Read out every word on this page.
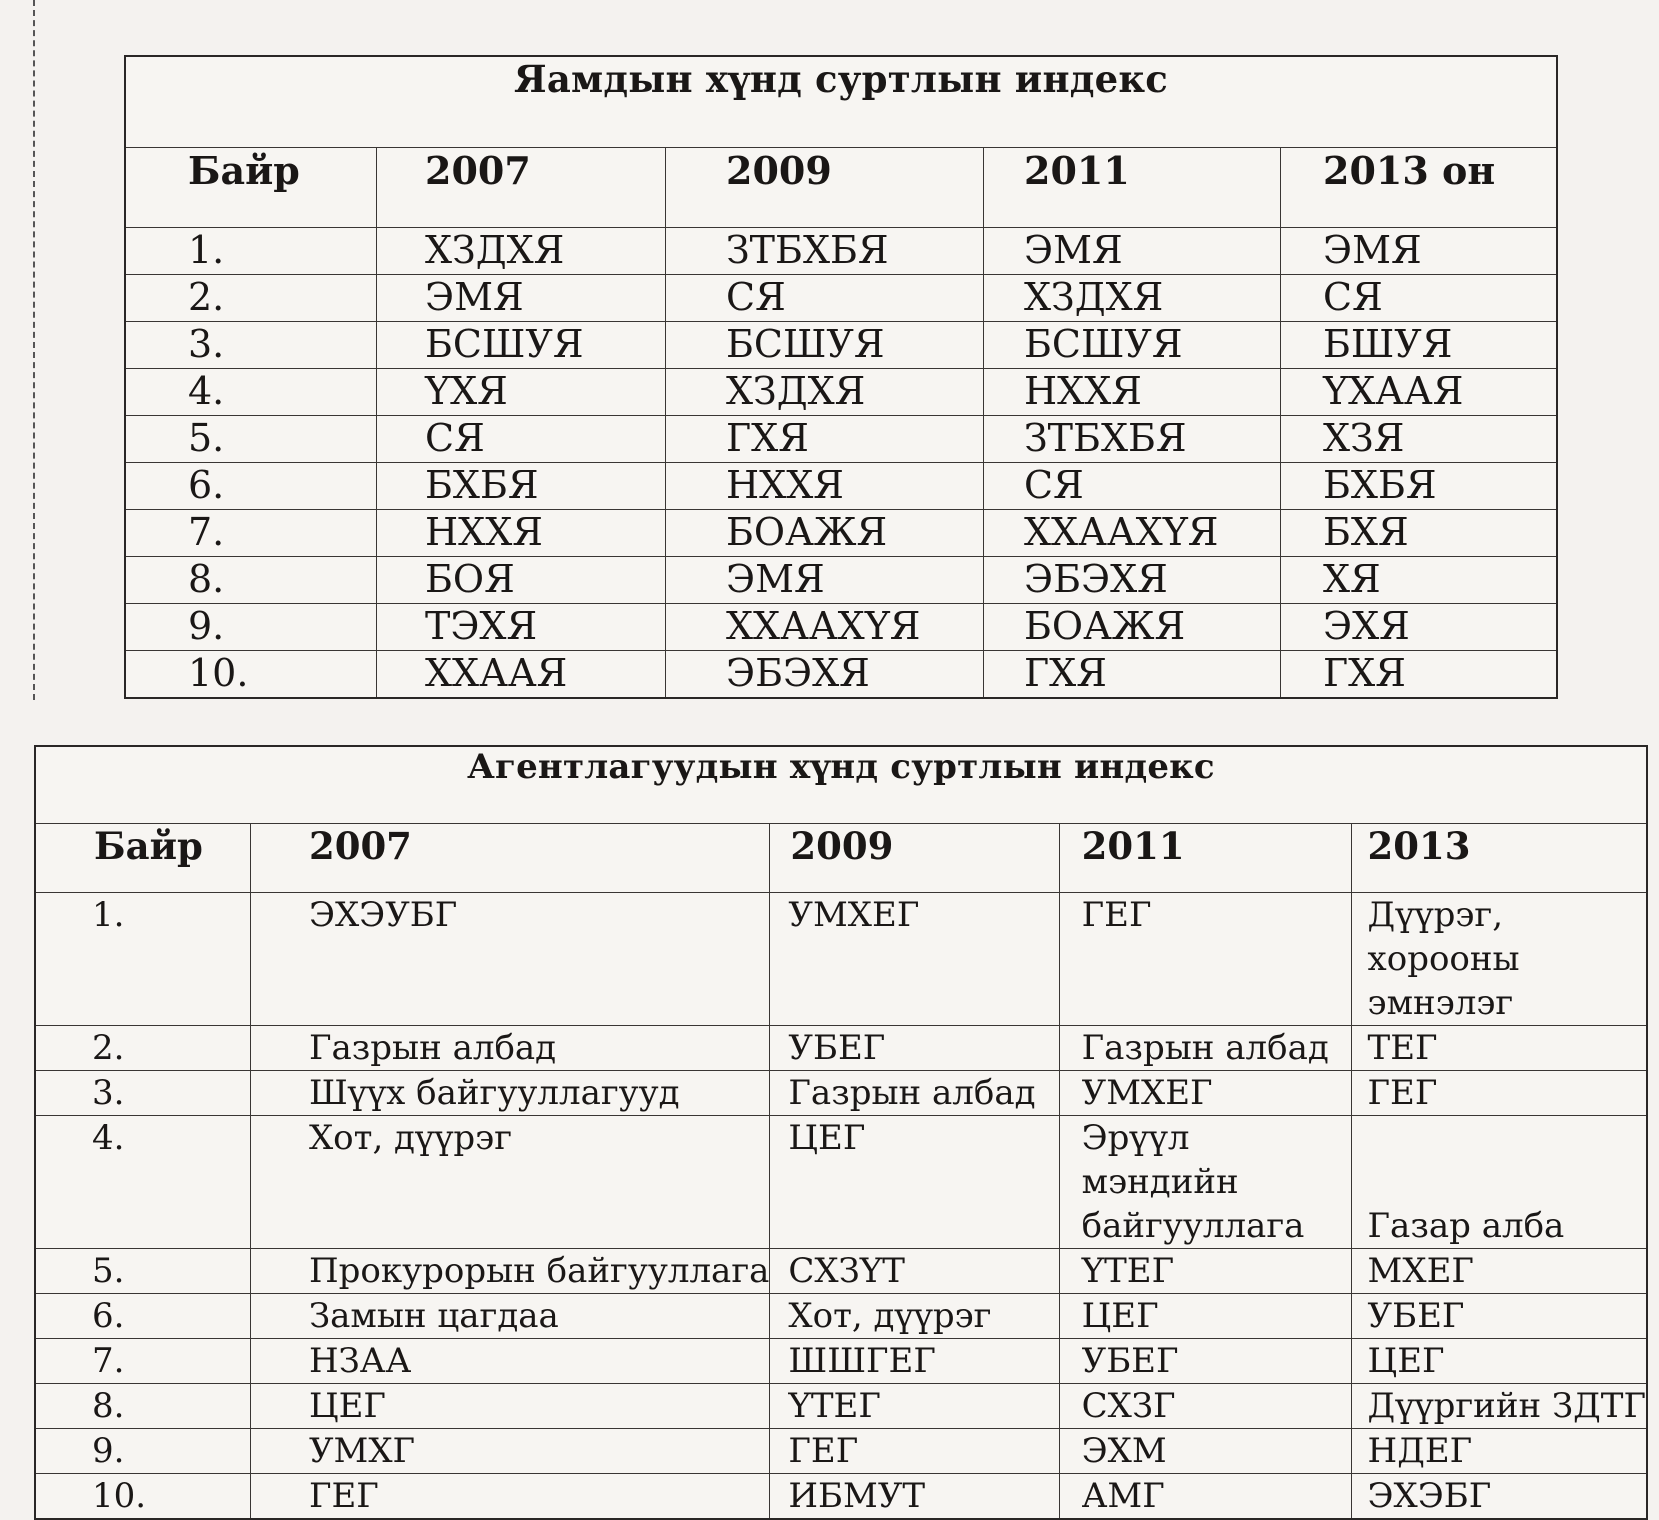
Яамдын хүнд суртлын индекс				
Байр	2007	2009	2011	2013 он
1.	ХЗДХЯ	ЗТБХБЯ	ЭМЯ	ЭМЯ
2.	ЭМЯ	СЯ	ХЗДХЯ	СЯ
3.	БСШУЯ	БСШУЯ	БСШУЯ	БШУЯ
4.	ҮХЯ	ХЗДХЯ	НХХЯ	ҮХААЯ
5.	СЯ	ГХЯ	ЗТБХБЯ	ХЗЯ
6.	БХБЯ	НХХЯ	СЯ	БХБЯ
7.	НХХЯ	БОАЖЯ	ХХААХҮЯ	БХЯ
8.	БОЯ	ЭМЯ	ЭБЭХЯ	ХЯ
9.	ТЭХЯ	ХХААХҮЯ	БОАЖЯ	ЭХЯ
10.	ХХААЯ	ЭБЭХЯ	ГХЯ	ГХЯ
Агентлагуудын хүнд суртлын индекс				
Байр	2007	2009	2011	2013
1.	ЭХЭУБГ	УМХЕГ	ГЕГ	Дүүрэг, хорооны эмнэлэг
2.	Газрын албад	УБЕГ	Газрын албад	ТЕГ
3.	Шүүх байгууллагууд	Газрын албад	УМХЕГ	ГЕГ
4.	Хот, дүүрэг	ЦЕГ	Эрүүл мэндийн байгууллага	Газар алба
5.	Прокурорын байгууллага	СХЗҮТ	ҮТЕГ	МХЕГ
6.	Замын цагдаа	Хот, дүүрэг	ЦЕГ	УБЕГ
7.	НЗАА	ШШГЕГ	УБЕГ	ЦЕГ
8.	ЦЕГ	ҮТЕГ	СХЗГ	Дүүргийн ЗДТГ
9.	УМХГ	ГЕГ	ЭХМ	НДЕГ
10.	ГЕГ	ИБМУТ	АМГ	ЭХЭБГ
